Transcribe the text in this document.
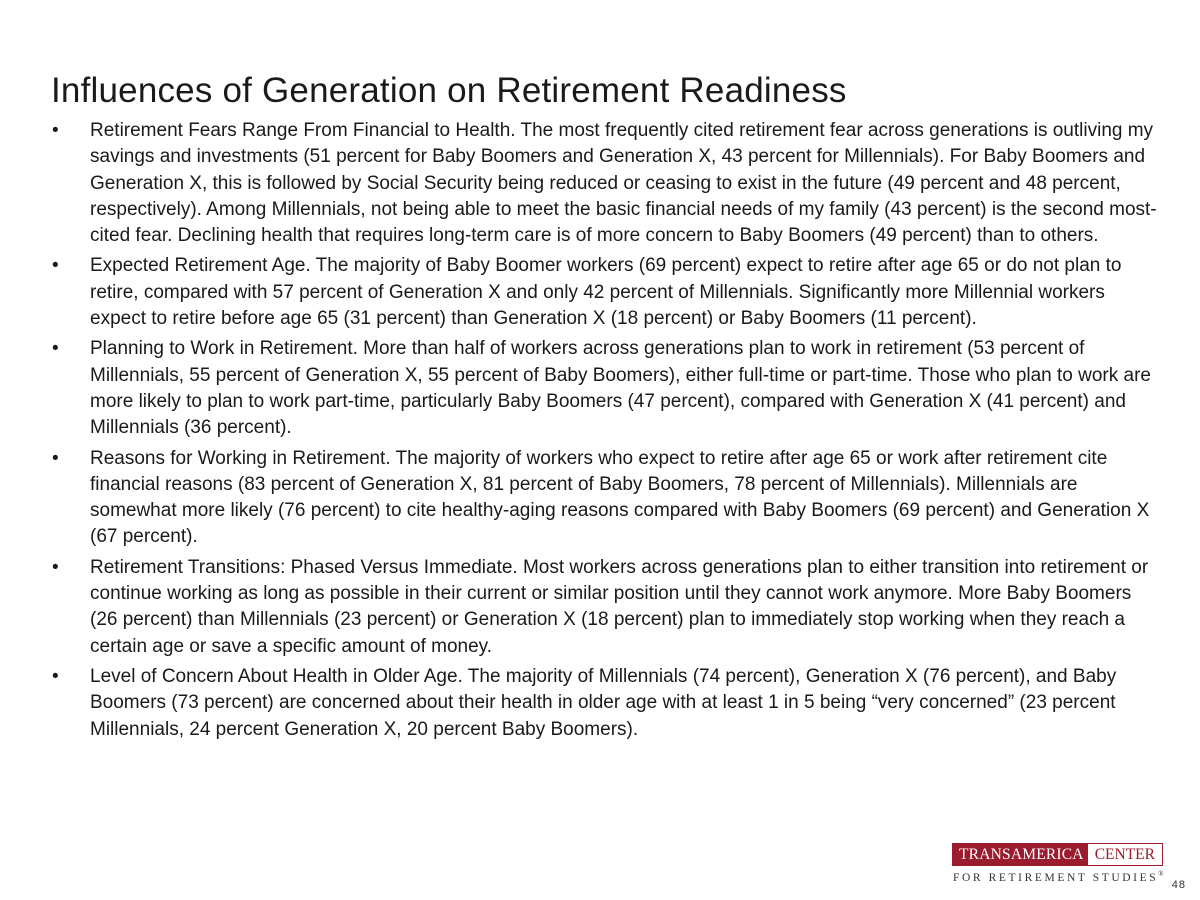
Influences of Generation on Retirement Readiness
•	Retirement Fears Range From Financial to Health. The most frequently cited retirement fear across generations is outliving my savings and investments (51 percent for Baby Boomers and Generation X, 43 percent for Millennials). For Baby Boomers and Generation X, this is followed by Social Security being reduced or ceasing to exist in the future (49 percent and 48 percent, respectively). Among Millennials, not being able to meet the basic financial needs of my family (43 percent) is the second most-cited fear. Declining health that requires long-term care is of more concern to Baby Boomers (49 percent) than to others.
•	Expected Retirement Age. The majority of Baby Boomer workers (69 percent) expect to retire after age 65 or do not plan to retire, compared with 57 percent of Generation X and only 42 percent of Millennials. Significantly more Millennial workers expect to retire before age 65 (31 percent) than Generation X (18 percent) or Baby Boomers (11 percent).
•	Planning to Work in Retirement. More than half of workers across generations plan to work in retirement (53 percent of Millennials, 55 percent of Generation X, 55 percent of Baby Boomers), either full-time or part-time. Those who plan to work are more likely to plan to work part-time, particularly Baby Boomers (47 percent), compared with Generation X (41 percent) and Millennials (36 percent).
•	Reasons for Working in Retirement. The majority of workers who expect to retire after age 65 or work after retirement cite financial reasons (83 percent of Generation X, 81 percent of Baby Boomers, 78 percent of Millennials). Millennials are somewhat more likely (76 percent) to cite healthy-aging reasons compared with Baby Boomers (69 percent) and Generation X (67 percent).
•	Retirement Transitions: Phased Versus Immediate. Most workers across generations plan to either transition into retirement or continue working as long as possible in their current or similar position until they cannot work anymore. More Baby Boomers (26 percent) than Millennials (23 percent) or Generation X (18 percent) plan to immediately stop working when they reach a certain age or save a specific amount of money.
•	Level of Concern About Health in Older Age. The majority of Millennials (74 percent), Generation X (76 percent), and Baby Boomers (73 percent) are concerned about their health in older age with at least 1 in 5 being “very concerned” (23 percent Millennials, 24 percent Generation X, 20 percent Baby Boomers).
TRANSAMERICA CENTER
FOR RETIREMENT STUDIES®
48
